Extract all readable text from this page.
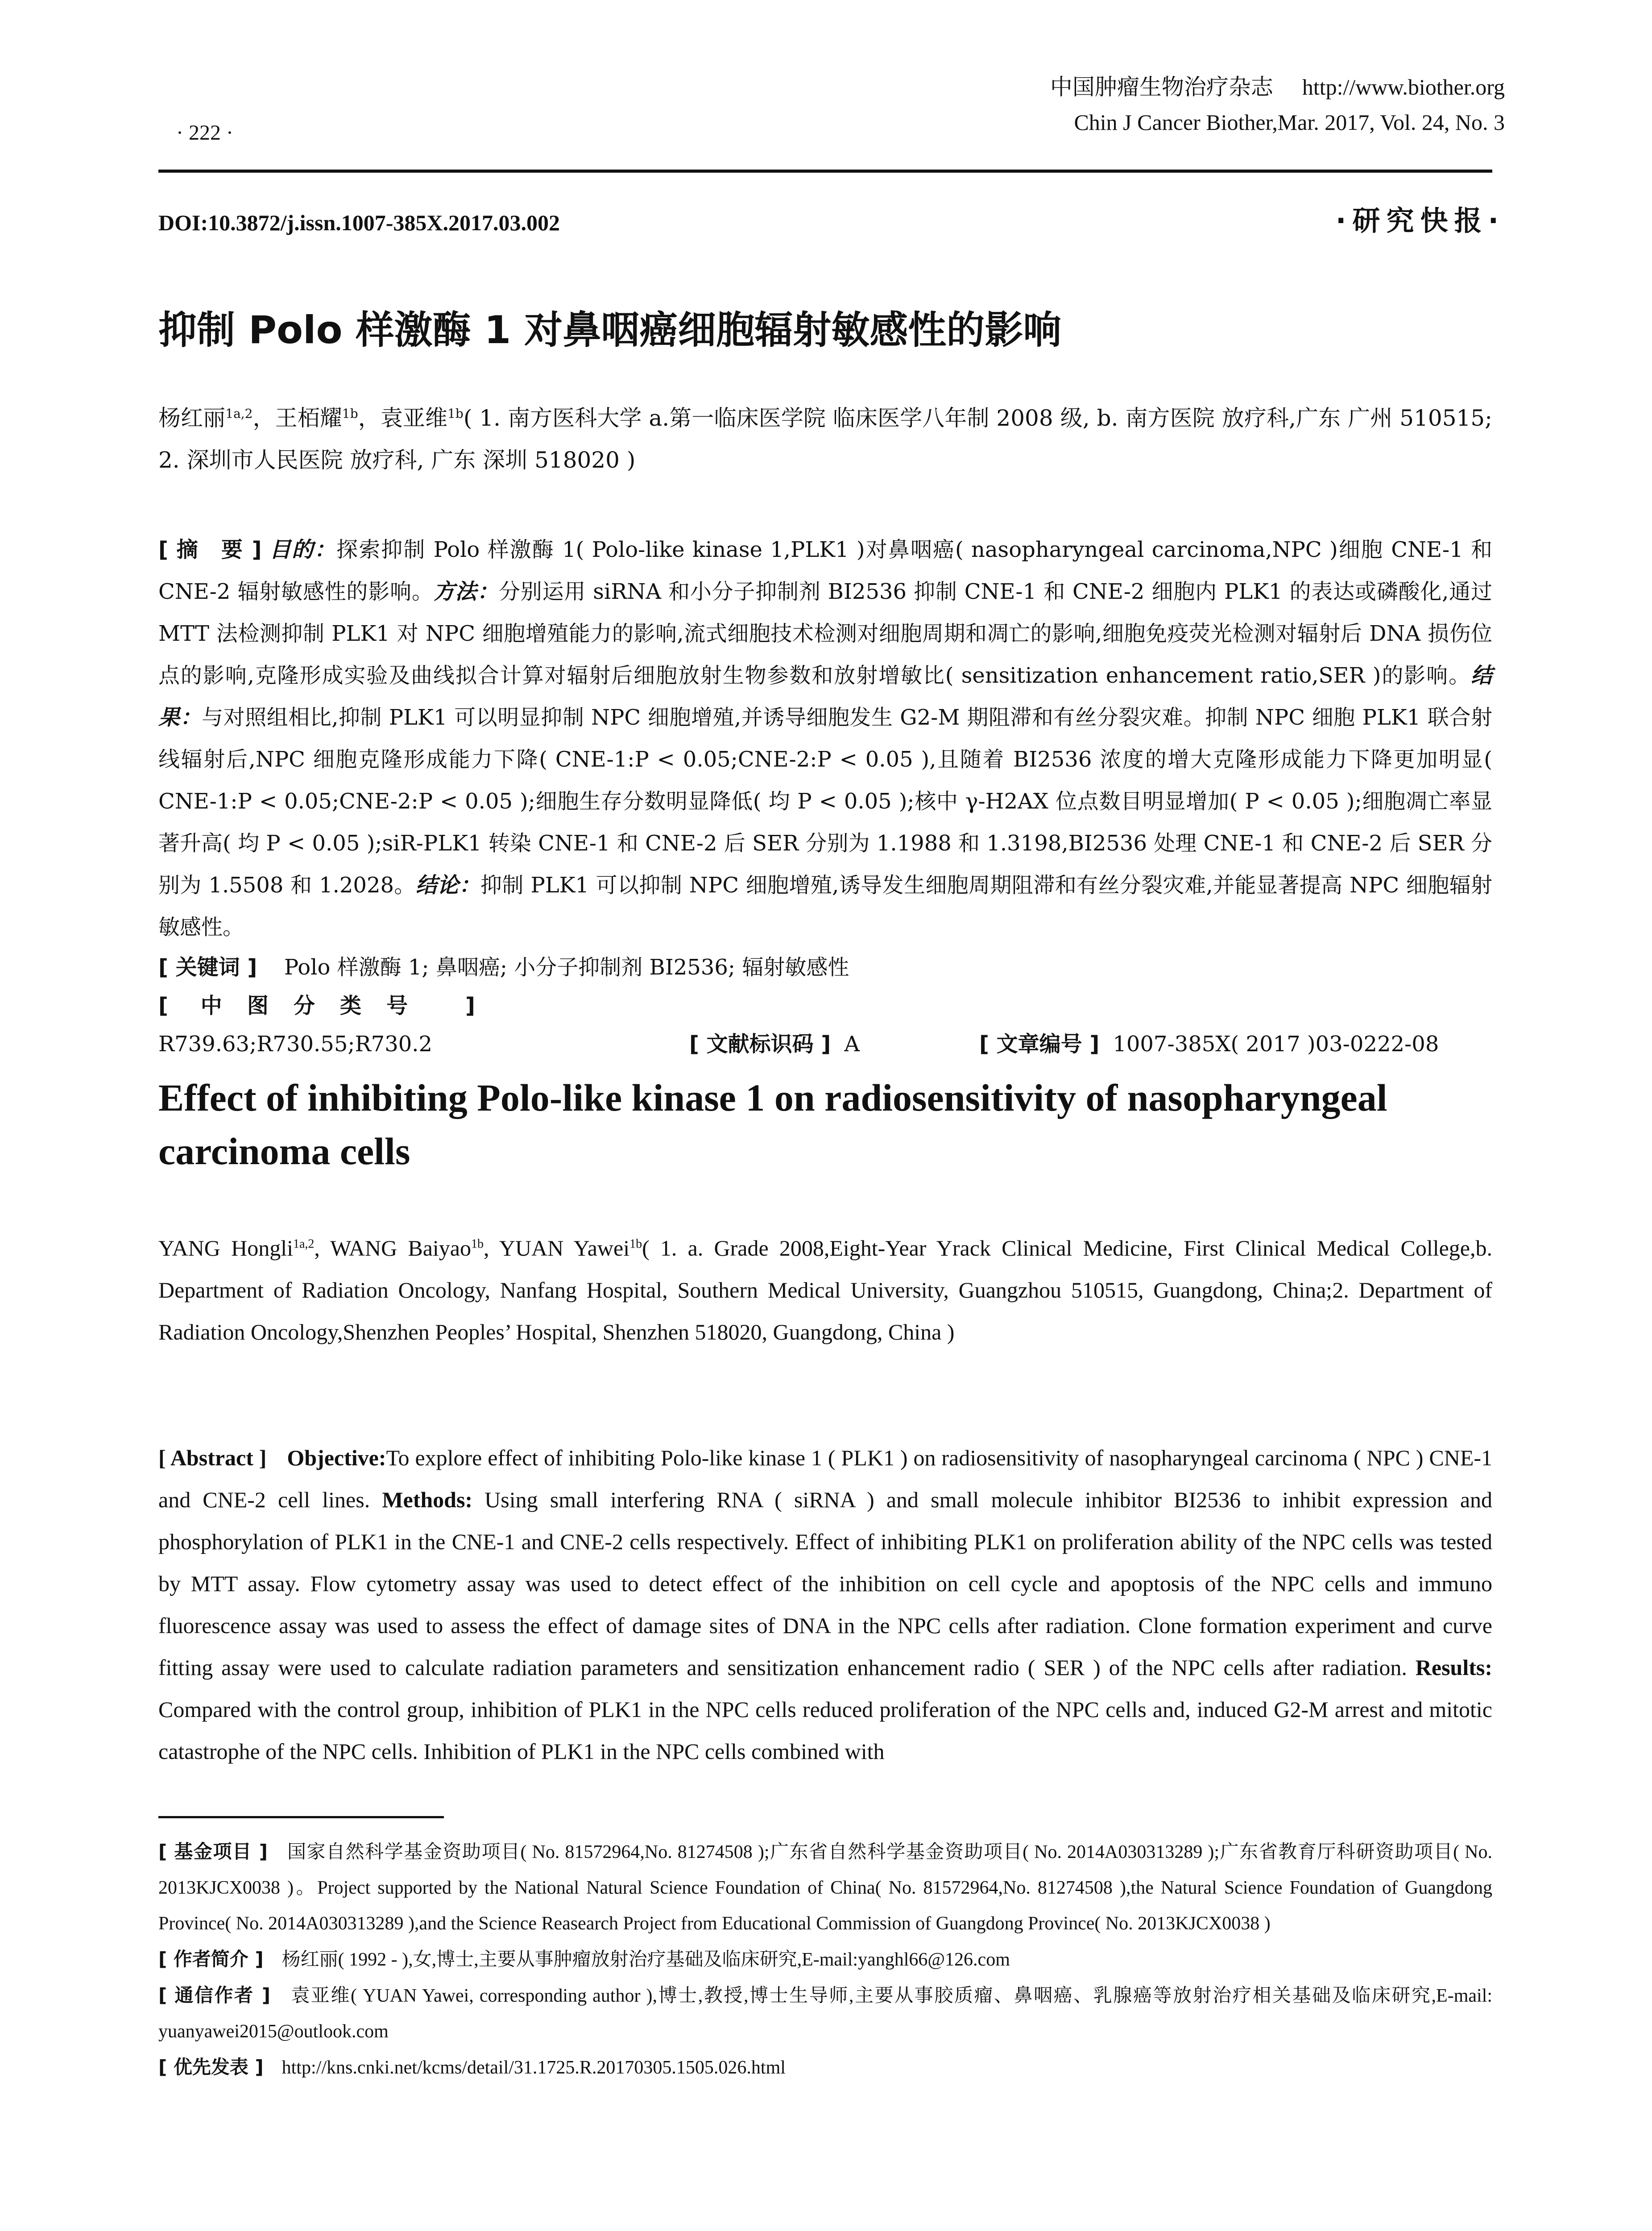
中国肿瘤生物治疗杂志 http://www.biother.org
Chin J Cancer Biother,Mar. 2017, Vol. 24, No. 3
· 222 ·
DOI:10.3872/j.issn.1007-385X.2017.03.002	·研究快报·
抑制 Polo 样激酶 1 对鼻咽癌细胞辐射敏感性的影响

杨红丽$^{1a,2}$，王栢耀$^{1b}$，袁亚维$^{1b}$( 1. 南方医科大学 a.第一临床医学院 临床医学八年制 2008 级, b. 南方医院 放疗科,广东 广州 510515; 2. 深圳市人民医院 放疗科, 广东 深圳 518020 )

[ 摘　要 ] 目的：探索抑制 Polo 样激酶 1( Polo-like kinase 1,PLK1 )对鼻咽癌( nasopharyngeal carcinoma,NPC )细胞 CNE-1 和 CNE-2 辐射敏感性的影响。方法：分别运用 siRNA 和小分子抑制剂 BI2536 抑制 CNE-1 和 CNE-2 细胞内 PLK1 的表达或磷酸化,通过 MTT 法检测抑制 PLK1 对 NPC 细胞增殖能力的影响,流式细胞技术检测对细胞周期和凋亡的影响,细胞免疫荧光检测对辐射后 DNA 损伤位点的影响,克隆形成实验及曲线拟合计算对辐射后细胞放射生物参数和放射增敏比( sensitization enhancement ratio,SER )的影响。结果：与对照组相比,抑制 PLK1 可以明显抑制 NPC 细胞增殖,并诱导细胞发生 G2-M 期阻滞和有丝分裂灾难。抑制 NPC 细胞 PLK1 联合射线辐射后,NPC 细胞克隆形成能力下降( CNE-1:P < 0.05;CNE-2:P < 0.05 ),且随着 BI2536 浓度的增大克隆形成能力下降更加明显( CNE-1:P < 0.05;CNE-2:P < 0.05 );细胞生存分数明显降低( 均 P < 0.05 );核中 γ-H2AX 位点数目明显增加( P < 0.05 );细胞凋亡率显著升高( 均 P < 0.05 );siR-PLK1 转染 CNE-1 和 CNE-2 后 SER 分别为 1.1988 和 1.3198,BI2536 处理 CNE-1 和 CNE-2 后 SER 分别为 1.5508 和 1.2028。结论：抑制 PLK1 可以抑制 NPC 细胞增殖,诱导发生细胞周期阻滞和有丝分裂灾难,并能显著提高 NPC 细胞辐射敏感性。

[ 关键词 ] Polo 样激酶 1; 鼻咽癌; 小分子抑制剂 BI2536; 辐射敏感性

[ 中图分类号 ]R739.63;R730.55;R730.2	[ 文献标识码 ] A	[ 文章编号 ] 1007-385X( 2017 )03-0222-08

Effect of inhibiting Polo-like kinase 1 on radiosensitivity of nasopharyngeal carcinoma cells

YANG Hongli$^{1a,2}$, WANG Baiyao$^{1b}$, YUAN Yawei$^{1b}$( 1. a. Grade 2008,Eight-Year Yrack Clinical Medicine, First Clinical Medical College,b. Department of Radiation Oncology, Nanfang Hospital, Southern Medical University, Guangzhou 510515, Guangdong, China;2. Department of Radiation Oncology,Shenzhen Peoples’ Hospital, Shenzhen 518020, Guangdong, China )

[ Abstract ] Objective:To explore effect of inhibiting Polo-like kinase 1 ( PLK1 ) on radiosensitivity of nasopharyngeal carcinoma ( NPC ) CNE-1 and CNE-2 cell lines. Methods: Using small interfering RNA ( siRNA ) and small molecule inhibitor BI2536 to inhibit expression and phosphorylation of PLK1 in the CNE-1 and CNE-2 cells respectively. Effect of inhibiting PLK1 on proliferation ability of the NPC cells was tested by MTT assay. Flow cytometry assay was used to detect effect of the inhibition on cell cycle and apoptosis of the NPC cells and immuno fluorescence assay was used to assess the effect of damage sites of DNA in the NPC cells after radiation. Clone formation experiment and curve fitting assay were used to calculate radiation parameters and sensitization enhancement radio ( SER ) of the NPC cells after radiation. Results: Compared with the control group, inhibition of PLK1 in the NPC cells reduced proliferation of the NPC cells and, induced G2-M arrest and mitotic catastrophe of the NPC cells. Inhibition of PLK1 in the NPC cells combined with

[ 基金项目 ] 国家自然科学基金资助项目( No. 81572964,No. 81274508 );广东省自然科学基金资助项目( No. 2014A030313289 );广东省教育厅科研资助项目( No. 2013KJCX0038 )。Project supported by the National Natural Science Foundation of China( No. 81572964,No. 81274508 ),the Natural Science Foundation of Guangdong Province( No. 2014A030313289 ),and the Science Reasearch Project from Educational Commission of Guangdong Province( No. 2013KJCX0038 )

[ 作者简介 ] 杨红丽( 1992 - ),女,博士,主要从事肿瘤放射治疗基础及临床研究,E-mail:yanghl66@126.com

[ 通信作者 ] 袁亚维( YUAN Yawei, corresponding author ),博士,教授,博士生导师,主要从事胶质瘤、鼻咽癌、乳腺癌等放射治疗相关基础及临床研究,E-mail: yuanyawei2015@outlook.com

[ 优先发表 ] http://kns.cnki.net/kcms/detail/31.1725.R.20170305.1505.026.html
